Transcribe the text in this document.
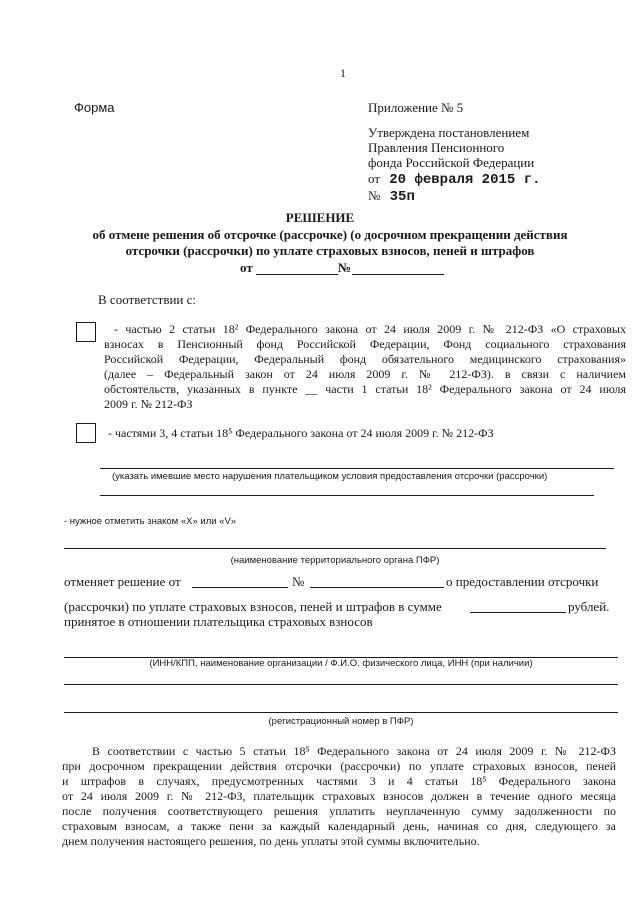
1
Форма	Приложение № 5
Утверждена постановлением
Правления Пенсионного
фонда Российской Федерации
от 20 февраля 2015 г.
№ 35п
РЕШЕНИЕ
об отмене решения об отсрочке (рассрочке) (о досрочном прекращении действия
отсрочки (рассрочки) по уплате страховых взносов, пеней и штрафов
от	№
В соответствии с:
- частью 2 статьи 18² Федерального закона от 24 июля 2009 г. № 212-ФЗ «О страховых
взносах в Пенсионный фонд Российской Федерации, Фонд социального страхования
Российской Федерации, Федеральный фонд обязательного медицинского страхования»
(далее – Федеральный закон от 24 июля 2009 г. № 212-ФЗ). в связи с наличием
обстоятельств, указанных в пункте __ части 1 статьи 18² Федерального закона от 24 июля
2009 г. № 212-ФЗ
- частями 3, 4 статьи 18⁵ Федерального закона от 24 июля 2009 г. № 212-ФЗ
(указать имевшие место нарушения плательщиком условия предоставления отсрочки (рассрочки)
- нужное отметить знаком «Х» или «V»
(наименование территориального органа ПФР)
отменяет решение от	№	о предоставлении отсрочки
(рассрочки) по уплате страховых взносов, пеней и штрафов в сумме	рублей.
принятое в отношении плательщика страховых взносов
(ИНН/КПП, наименование организации / Ф.И.О. физического лица, ИНН (при наличии)
(регистрационный номер в ПФР)
В соответствии с частью 5 статьи 18⁵ Федерального закона от 24 июля 2009 г. № 212-ФЗ
при досрочном прекращении действия отсрочки (рассрочки) по уплате страховых взносов, пеней
и штрафов в случаях, предусмотренных частями 3 и 4 статьи 18⁵ Федерального закона
от 24 июля 2009 г. № 212-ФЗ, плательщик страховых взносов должен в течение одного месяца
после получения соответствующего решения уплатить неуплаченную сумму задолженности по
страховым взносам, а также пени за каждый календарный день, начиная со дня, следующего за
днем получения настоящего решения, по день уплаты этой суммы включительно.
